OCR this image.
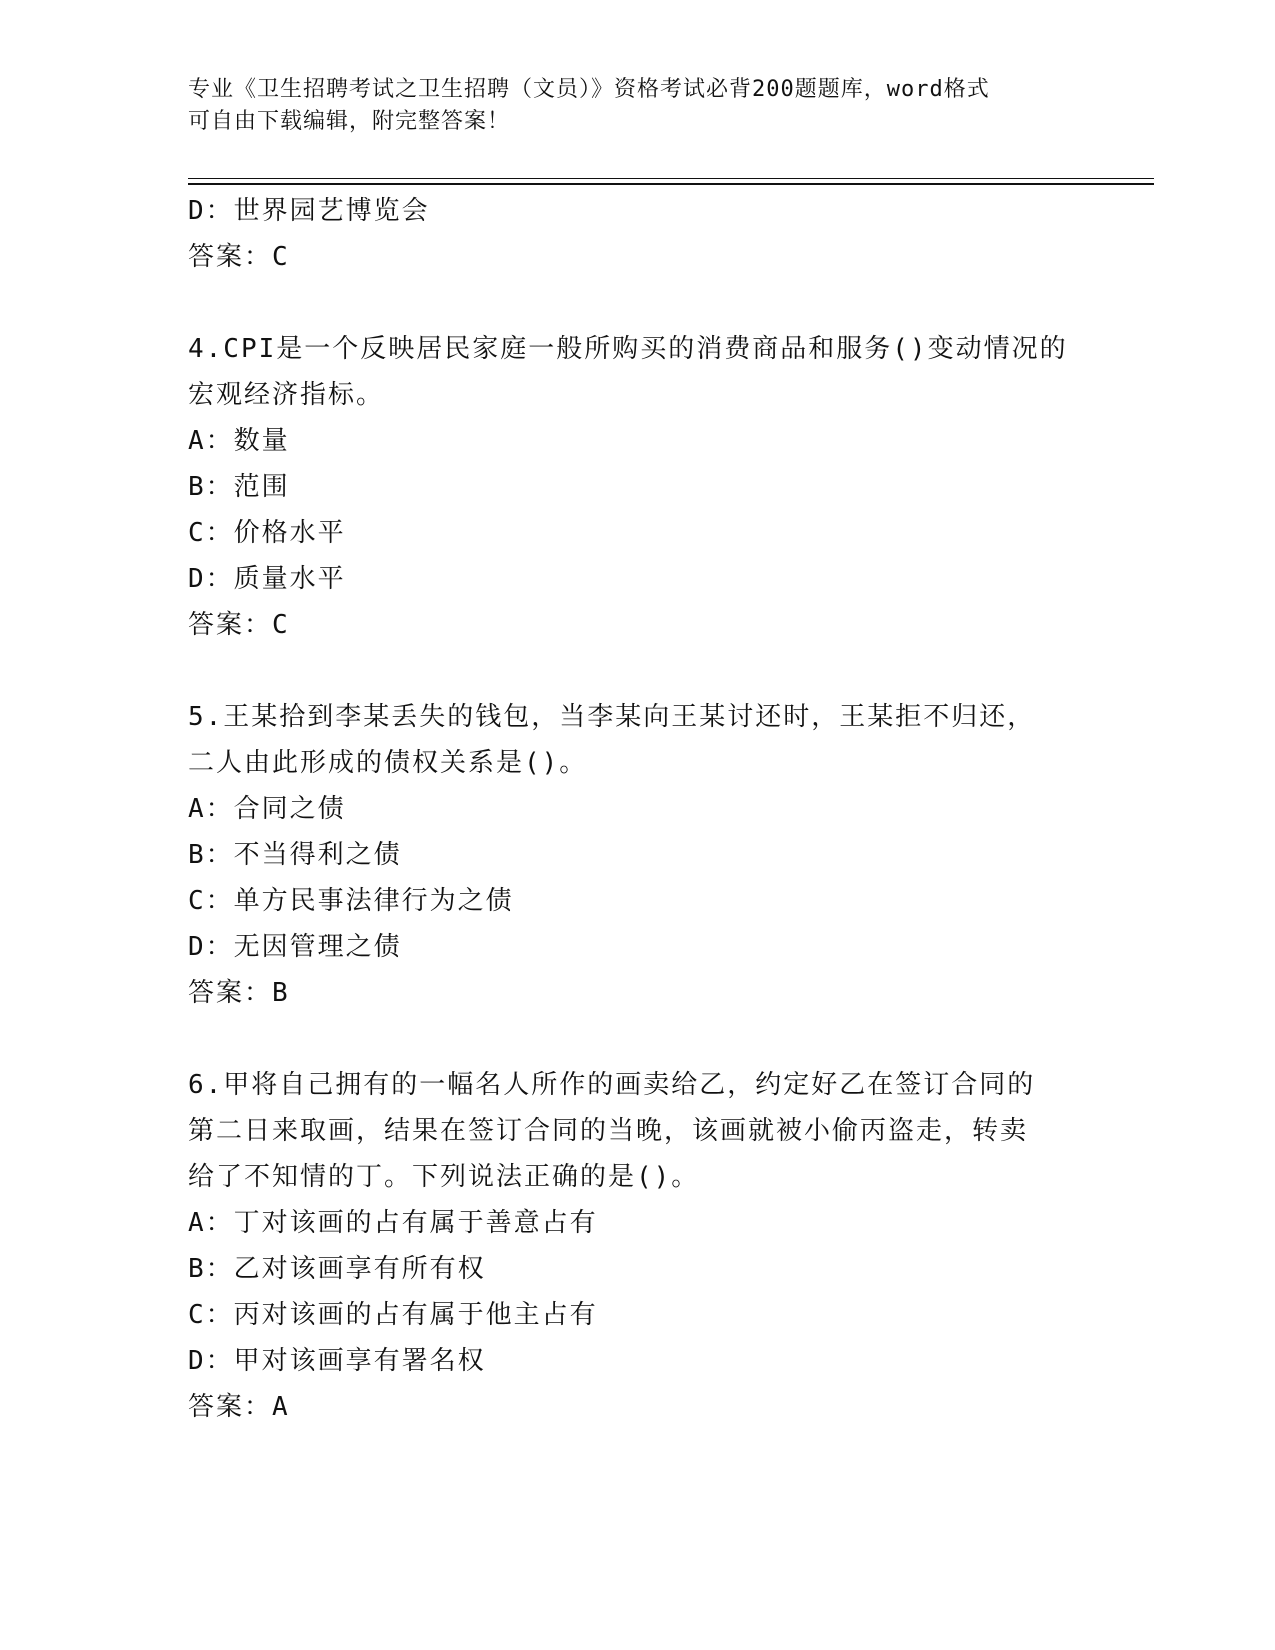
专业《卫生招聘考试之卫生招聘（文员）》资格考试必背200题题库，word格式
可自由下载编辑，附完整答案！
D：世界园艺博览会
答案：C
4.CPI是一个反映居民家庭一般所购买的消费商品和服务()变动情况的
宏观经济指标。
A：数量
B：范围
C：价格水平
D：质量水平
答案：C
5.王某拾到李某丢失的钱包，当李某向王某讨还时，王某拒不归还，
二人由此形成的债权关系是()。
A：合同之债
B：不当得利之债
C：单方民事法律行为之债
D：无因管理之债
答案：B
6.甲将自己拥有的一幅名人所作的画卖给乙，约定好乙在签订合同的
第二日来取画，结果在签订合同的当晚，该画就被小偷丙盗走，转卖
给了不知情的丁。下列说法正确的是()。
A：丁对该画的占有属于善意占有
B：乙对该画享有所有权
C：丙对该画的占有属于他主占有
D：甲对该画享有署名权
答案：A
